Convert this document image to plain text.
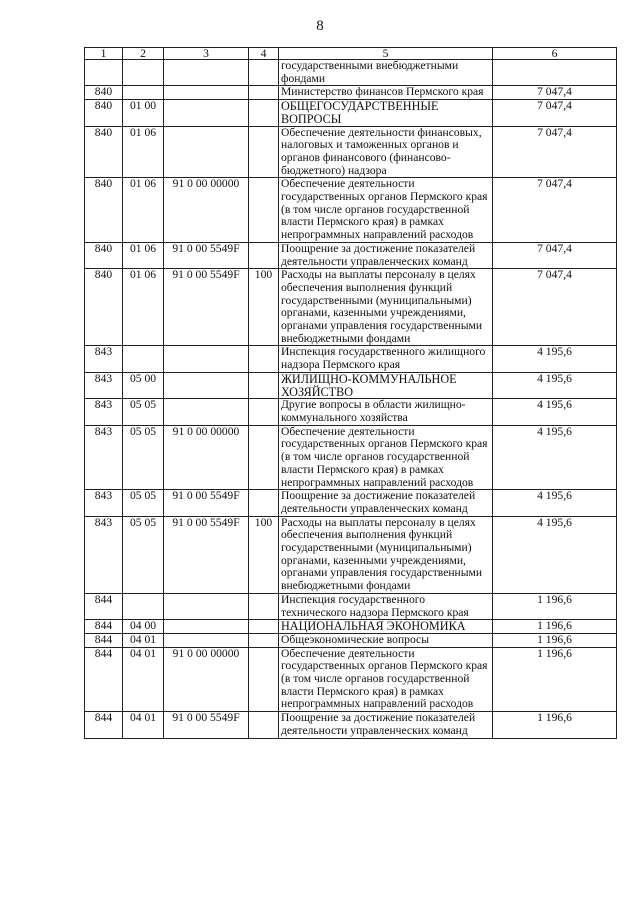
8
1	2	3	4	5	6
				государственными внебюджетными фондами	
840				Министерство финансов Пермского края	7 047,4
840	01 00			ОБЩЕГОСУДАРСТВЕННЫЕ ВОПРОСЫ	7 047,4
840	01 06			Обеспечение деятельности финансовых, налоговых и таможенных органов и органов финансового (финансово-бюджетного) надзора	7 047,4
840	01 06	91 0 00 00000		Обеспечение деятельности государственных органов Пермского края (в том числе органов государственной власти Пермского края) в рамках непрограммных направлений расходов	7 047,4
840	01 06	91 0 00 5549F		Поощрение за достижение показателей деятельности управленческих команд	7 047,4
840	01 06	91 0 00 5549F	100	Расходы на выплаты персоналу в целях обеспечения выполнения функций государственными (муниципальными) органами, казенными учреждениями, органами управления государственными внебюджетными фондами	7 047,4
843				Инспекция государственного жилищного надзора Пермского края	4 195,6
843	05 00			ЖИЛИЩНО-КОММУНАЛЬНОЕ ХОЗЯЙСТВО	4 195,6
843	05 05			Другие вопросы в области жилищно-коммунального хозяйства	4 195,6
843	05 05	91 0 00 00000		Обеспечение деятельности государственных органов Пермского края (в том числе органов государственной власти Пермского края) в рамках непрограммных направлений расходов	4 195,6
843	05 05	91 0 00 5549F		Поощрение за достижение показателей деятельности управленческих команд	4 195,6
843	05 05	91 0 00 5549F	100	Расходы на выплаты персоналу в целях обеспечения выполнения функций государственными (муниципальными) органами, казенными учреждениями, органами управления государственными внебюджетными фондами	4 195,6
844				Инспекция государственного технического надзора Пермского края	1 196,6
844	04 00			НАЦИОНАЛЬНАЯ ЭКОНОМИКА	1 196,6
844	04 01			Общеэкономические вопросы	1 196,6
844	04 01	91 0 00 00000		Обеспечение деятельности государственных органов Пермского края (в том числе органов государственной власти Пермского края) в рамках непрограммных направлений расходов	1 196,6
844	04 01	91 0 00 5549F		Поощрение за достижение показателей деятельности управленческих команд	1 196,6
